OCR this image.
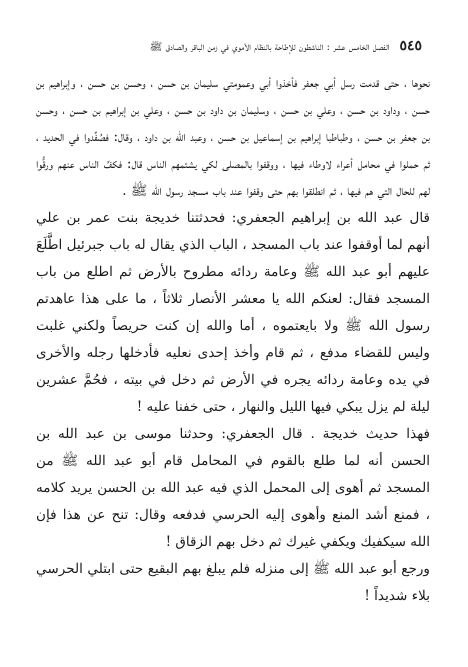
٥٤٥
الفصل الخامس عشر : الناشطون للإطاحة بالنظام الأموي في زمن الباقر والصادق ﷺ

نحوها ، حتى قدمت رسل أبي جعفر فأخذوا أبي وعمومتي سليمان بن حسن ، وحسن بن حسن ، وإبراهيم بن حسن ، وداود بن حسن ، وعلي بن حسن ، وسليمان بن داود بن حسن ، وعلي بن إبراهيم بن حسن ، وحسن بن جعفر بن حسن ، وطباطبا إبراهيم بن إسماعيل بن حسن ، وعبد الله بن داود ، وقال: فصُفِّدوا في الحديد ، ثم حملوا في محامل أعراء لاوطاء فيها ، ووقفوا بالمصلى لكي يشتمهم الناس قال: فكفَّ الناس عنهم ورقُّوا لهم للحال التي هم فيها ، ثم انطلقوا بهم حتى وقفوا عند باب مسجد رسول الله ﷺ .

قال عبد الله بن إبراهيم الجعفري: فحدثتنا خديجة بنت عمر بن علي أنهم لما أوقفوا عند باب المسجد ، الباب الذي يقال له باب جبرئيل اطَّلَعَ عليهم أبو عبد الله ﷺ وعامة ردائه مطروح بالأرض ثم اطلع من باب المسجد فقال: لعنكم الله يا معشر الأنصار ثلاثاً ، ما على هذا عاهدتم رسول الله ﷺ ولا بايعتموه ، أما والله إن كنت حريصاً ولكني غلبت وليس للقضاء مدفع ، ثم قام وأخذ إحدى نعليه فأدخلها رجله والأخرى في يده وعامة ردائه يجره في الأرض ثم دخل في بيته ، فحُمَّ عشرين ليلة لم يزل يبكي فيها الليل والنهار ، حتى خفنا عليه !

فهذا حديث خديجة . قال الجعفري: وحدثنا موسى بن عبد الله بن الحسن أنه لما طلع بالقوم في المحامل قام أبو عبد الله ﷺ من المسجد ثم أهوى إلى المحمل الذي فيه عبد الله بن الحسن يريد كلامه ، فمنع أشد المنع وأهوى إليه الحرسي فدفعه وقال: تنح عن هذا فإن الله سيكفيك ويكفي غيرك ثم دخل بهم الزقاق !

ورجع أبو عبد الله ﷺ إلى منزله فلم يبلغ بهم البقيع حتى ابتلي الحرسي بلاء شديداً !
